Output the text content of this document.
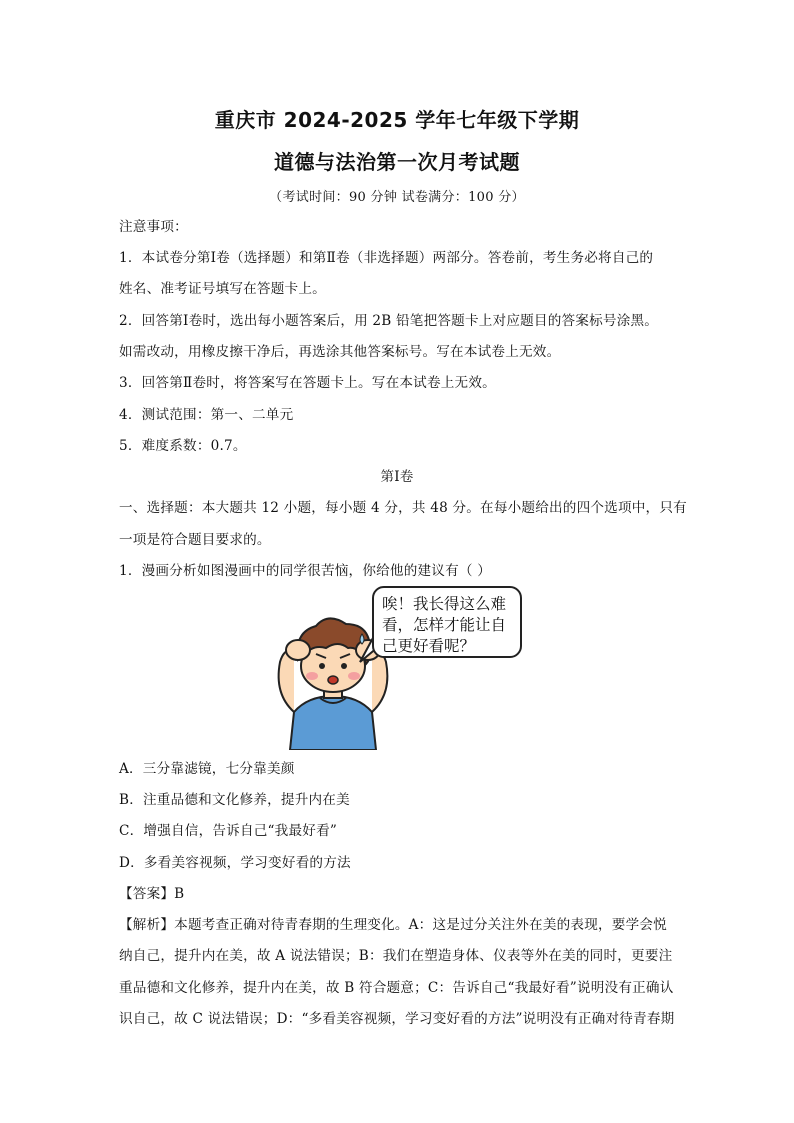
重庆市 2024-2025 学年七年级下学期
道德与法治第一次月考试题
（考试时间：90 分钟 试卷满分：100 分）
注意事项：
1．本试卷分第Ⅰ卷（选择题）和第Ⅱ卷（非选择题）两部分。答卷前，考生务必将自己的
姓名、准考证号填写在答题卡上。
2．回答第Ⅰ卷时，选出每小题答案后，用 2B 铅笔把答题卡上对应题目的答案标号涂黑。
如需改动，用橡皮擦干净后，再选涂其他答案标号。写在本试卷上无效。
3．回答第Ⅱ卷时，将答案写在答题卡上。写在本试卷上无效。
4．测试范围：第一、二单元
5．难度系数：0.7。
第Ⅰ卷
一、选择题：本大题共 12 小题，每小题 4 分，共 48 分。在每小题给出的四个选项中，只有
一项是符合题目要求的。
1．漫画分析如图漫画中的同学很苦恼，你给他的建议有（ ）
唉！我长得这么难
看，怎样才能让自
己更好看呢？
A．三分靠滤镜，七分靠美颜
B．注重品德和文化修养，提升内在美
C．增强自信，告诉自己“我最好看”
D．多看美容视频，学习变好看的方法
【答案】B
【解析】本题考查正确对待青春期的生理变化。A：这是过分关注外在美的表现，要学会悦
纳自己，提升内在美，故 A 说法错误；B：我们在塑造身体、仪表等外在美的同时，更要注
重品德和文化修养，提升内在美，故 B 符合题意；C：告诉自己“我最好看”说明没有正确认
识自己，故 C 说法错误；D：“多看美容视频，学习变好看的方法”说明没有正确对待青春期
